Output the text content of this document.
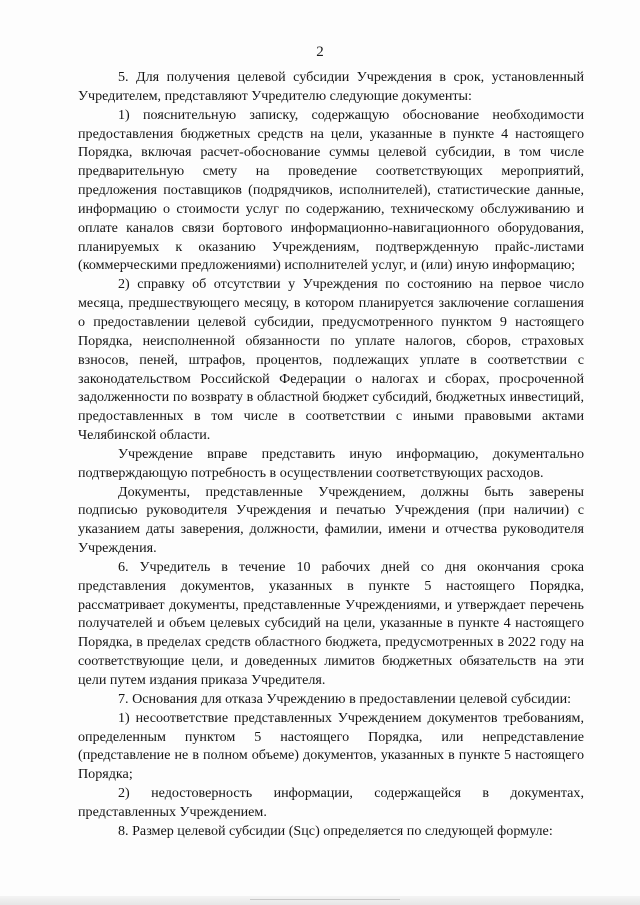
2

5. Для получения целевой субсидии Учреждения в срок, установленный Учредителем, представляют Учредителю следующие документы:

1) пояснительную записку, содержащую обоснование необходимости предоставления бюджетных средств на цели, указанные в пункте 4 настоящего Порядка, включая расчет-обоснование суммы целевой субсидии, в том числе предварительную смету на проведение соответствующих мероприятий, предложения поставщиков (подрядчиков, исполнителей), статистические данные, информацию о стоимости услуг по содержанию, техническому обслуживанию и оплате каналов связи бортового информационно-навигационного оборудования, планируемых к оказанию Учреждениям, подтвержденную прайс-листами (коммерческими предложениями) исполнителей услуг, и (или) иную информацию;

2) справку об отсутствии у Учреждения по состоянию на первое число месяца, предшествующего месяцу, в котором планируется заключение соглашения о предоставлении целевой субсидии, предусмотренного пунктом 9 настоящего Порядка, неисполненной обязанности по уплате налогов, сборов, страховых взносов, пеней, штрафов, процентов, подлежащих уплате в соответствии с законодательством Российской Федерации о налогах и сборах, просроченной задолженности по возврату в областной бюджет субсидий, бюджетных инвестиций, предоставленных в том числе в соответствии с иными правовыми актами Челябинской области.

Учреждение вправе представить иную информацию, документально подтверждающую потребность в осуществлении соответствующих расходов.

Документы, представленные Учреждением, должны быть заверены подписью руководителя Учреждения и печатью Учреждения (при наличии) с указанием даты заверения, должности, фамилии, имени и отчества руководителя Учреждения.

6. Учредитель в течение 10 рабочих дней со дня окончания срока представления документов, указанных в пункте 5 настоящего Порядка, рассматривает документы, представленные Учреждениями, и утверждает перечень получателей и объем целевых субсидий на цели, указанные в пункте 4 настоящего Порядка, в пределах средств областного бюджета, предусмотренных в 2022 году на соответствующие цели, и доведенных лимитов бюджетных обязательств на эти цели путем издания приказа Учредителя.

7. Основания для отказа Учреждению в предоставлении целевой субсидии:

1) несоответствие представленных Учреждением документов требованиям, определенным пунктом 5 настоящего Порядка, или непредставление (представление не в полном объеме) документов, указанных в пункте 5 настоящего Порядка;

2) недостоверность информации, содержащейся в документах, представленных Учреждением.

8. Размер целевой субсидии (Sцс) определяется по следующей формуле:
